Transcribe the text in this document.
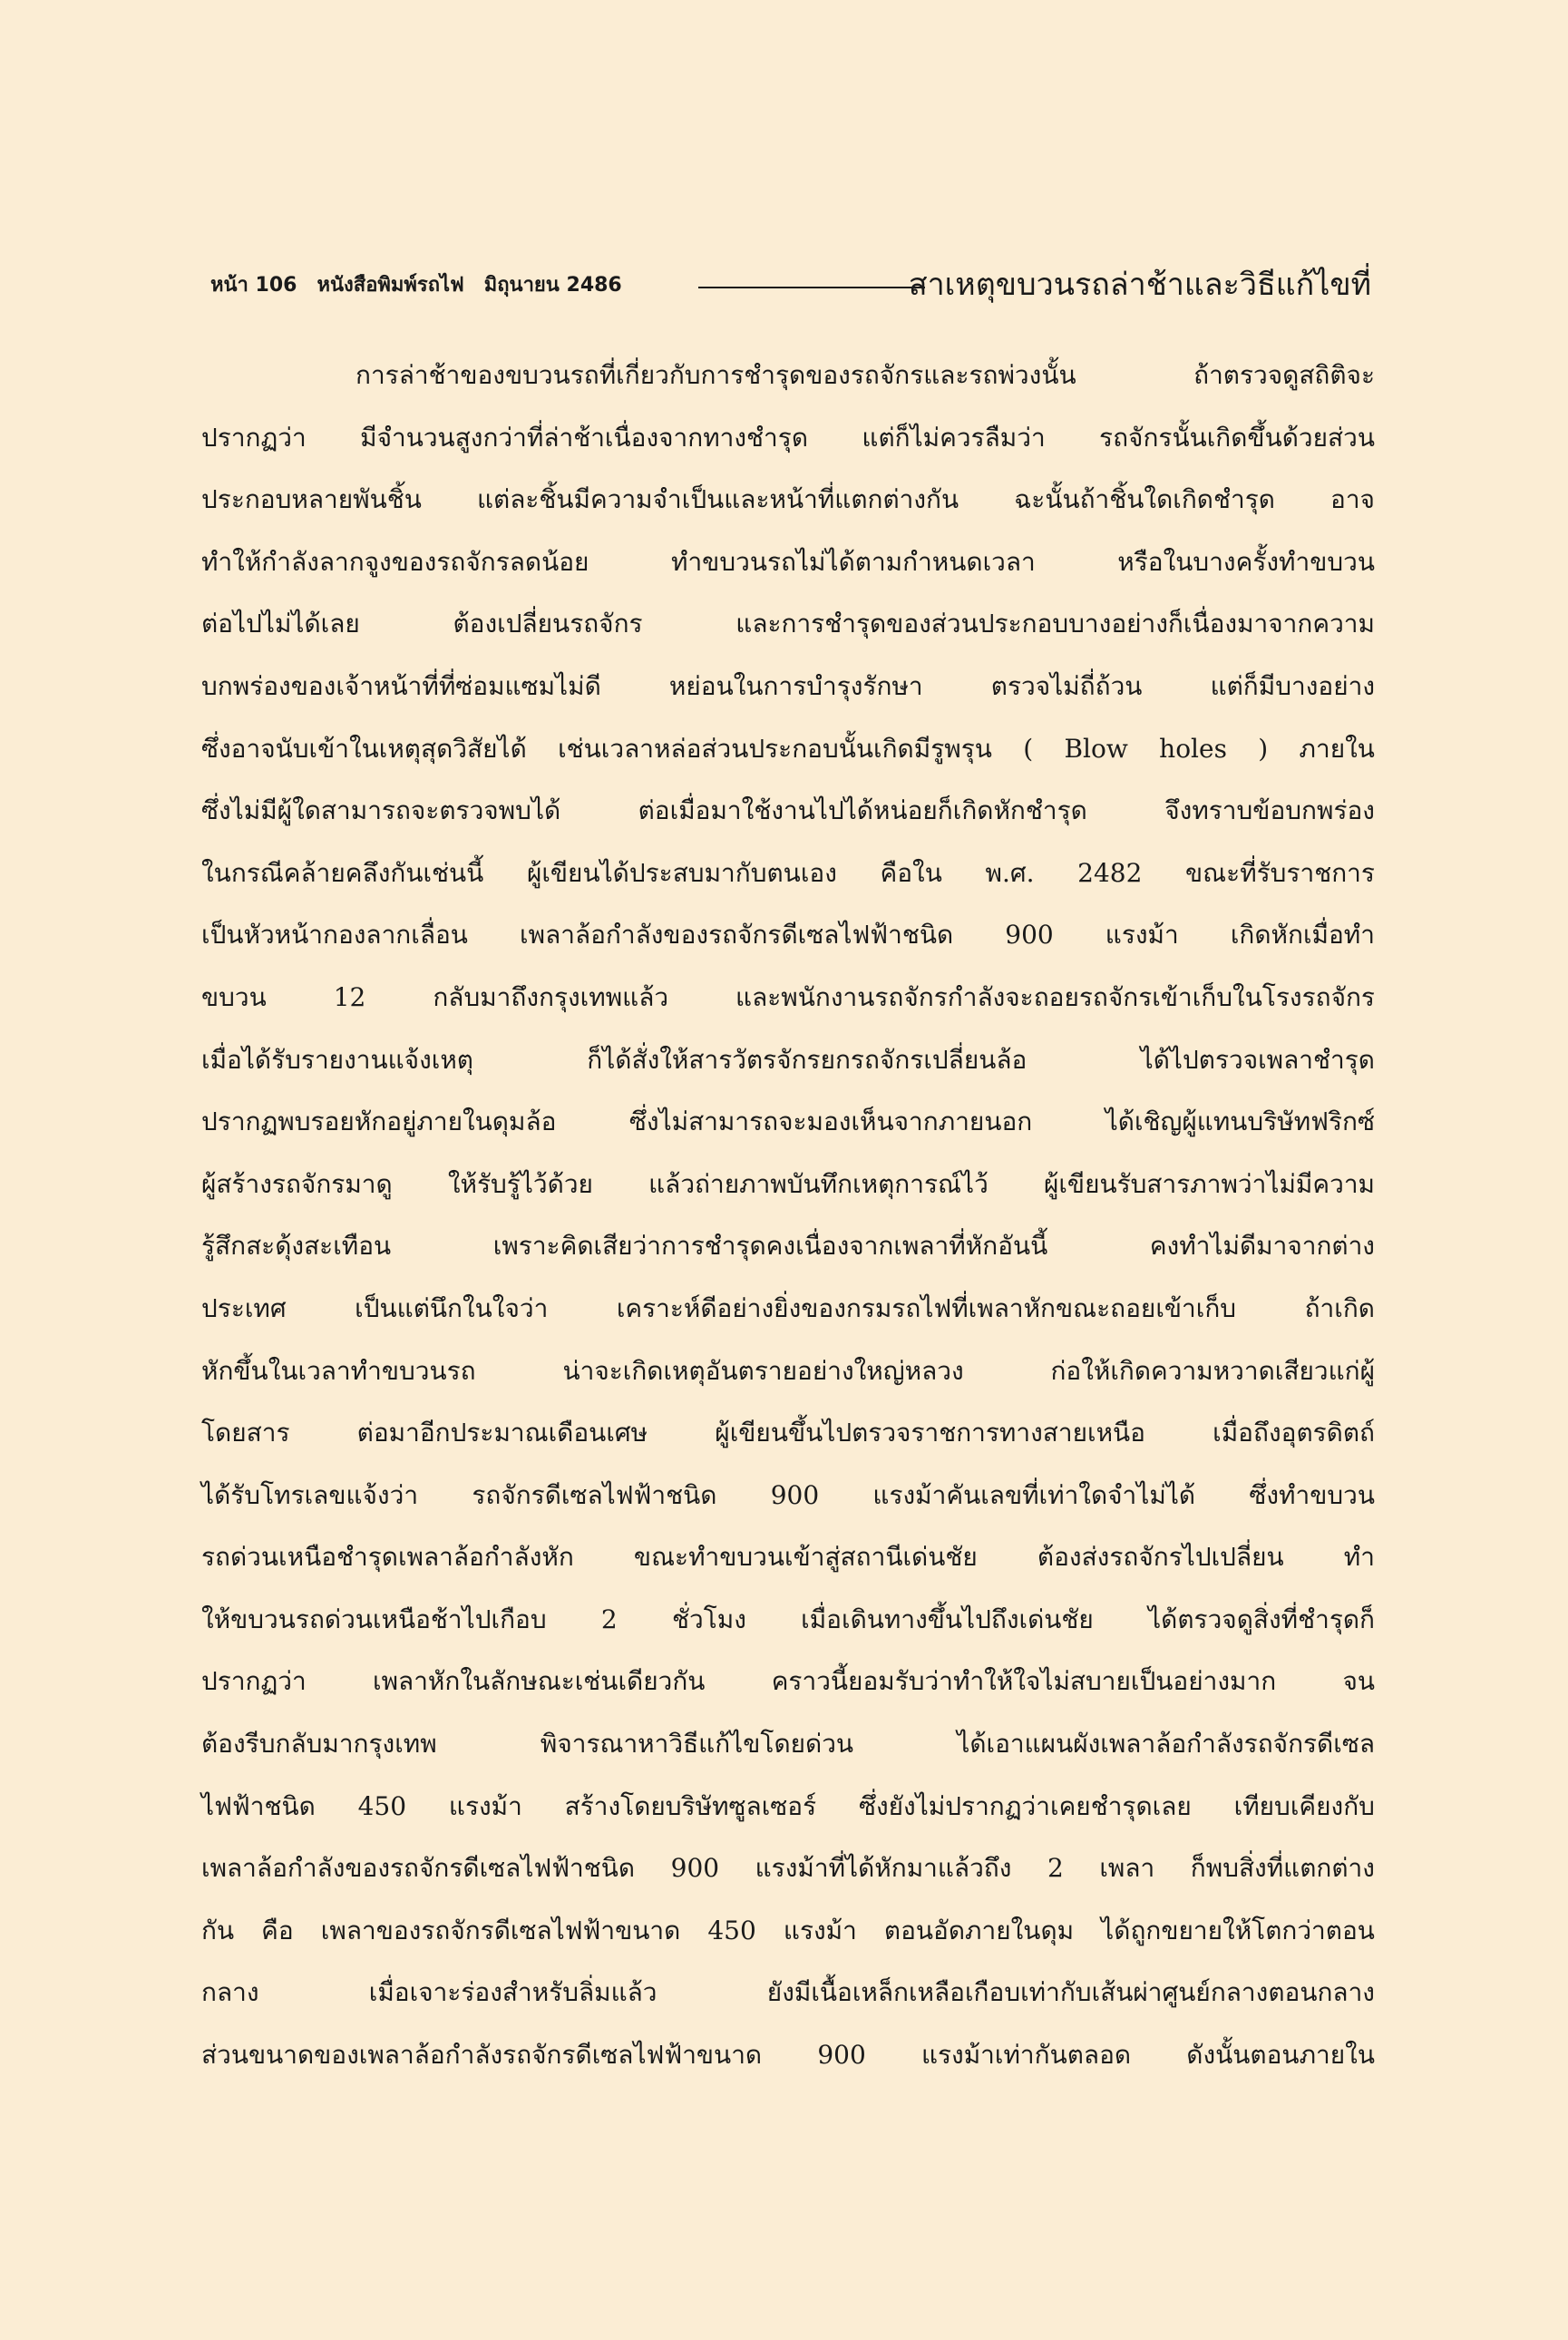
หน้า 106 หนังสือพิมพ์รถไฟ มิถุนายน 2486	สาเหตุขบวนรถล่าช้าและวิธีแก้ไขที่
การล่าช้าของขบวนรถที่เกี่ยวกับการชำรุดของรถจักรและรถพ่วงนั้น	ถ้าตรวจดูสถิติจะ
ปรากฏว่า มีจำนวนสูงกว่าที่ล่าช้าเนื่องจากทางชำรุด แต่ก็ไม่ควรลืมว่า รถจักรนั้นเกิดขึ้นด้วยส่วน
ประกอบหลายพันชิ้น แต่ละชิ้นมีความจำเป็นและหน้าที่แตกต่างกัน ฉะนั้นถ้าชิ้นใดเกิดชำรุด อาจ
ทำให้กำลังลากจูงของรถจักรลดน้อย	ทำขบวนรถไม่ได้ตามกำหนดเวลา	หรือในบางครั้งทำขบวน
ต่อไปไม่ได้เลย	ต้องเปลี่ยนรถจักร	และการชำรุดของส่วนประกอบบางอย่างก็เนื่องมาจากความ
บกพร่องของเจ้าหน้าที่ที่ซ่อมแซมไม่ดี	หย่อนในการบำรุงรักษา	ตรวจไม่ถี่ถ้วน	แต่ก็มีบางอย่าง
ซึ่งอาจนับเข้าในเหตุสุดวิสัยได้ เช่นเวลาหล่อส่วนประกอบนั้นเกิดมีรูพรุน ( Blow holes ) ภายใน
ซึ่งไม่มีผู้ใดสามารถจะตรวจพบได้	ต่อเมื่อมาใช้งานไปได้หน่อยก็เกิดหักชำรุด	จึงทราบข้อบกพร่อง
ในกรณีคล้ายคลึงกันเช่นนี้ ผู้เขียนได้ประสบมากับตนเอง คือใน พ.ศ. 2482 ขณะที่รับราชการ
เป็นหัวหน้ากองลากเลื่อน เพลาล้อกำลังของรถจักรดีเซลไฟฟ้าชนิด 900 แรงม้า เกิดหักเมื่อทำ
ขบวน	12	กลับมาถึงกรุงเทพแล้ว	และพนักงานรถจักรกำลังจะถอยรถจักรเข้าเก็บในโรงรถจักร
เมื่อได้รับรายงานแจ้งเหตุ	ก็ได้สั่งให้สารวัตรจักรยกรถจักรเปลี่ยนล้อ	ได้ไปตรวจเพลาชำรุด
ปรากฏพบรอยหักอยู่ภายในดุมล้อ	ซึ่งไม่สามารถจะมองเห็นจากภายนอก	ได้เชิญผู้แทนบริษัทฟริกซ์
ผู้สร้างรถจักรมาดู ให้รับรู้ไว้ด้วย แล้วถ่ายภาพบันทึกเหตุการณ์ไว้ ผู้เขียนรับสารภาพว่าไม่มีความ
รู้สึกสะดุ้งสะเทือน	เพราะคิดเสียว่าการชำรุดคงเนื่องจากเพลาที่หักอันนี้	คงทำไม่ดีมาจากต่าง
ประเทศ	เป็นแต่นึกในใจว่า	เคราะห์ดีอย่างยิ่งของกรมรถไฟที่เพลาหักขณะถอยเข้าเก็บ	ถ้าเกิด
หักขึ้นในเวลาทำขบวนรถ	น่าจะเกิดเหตุอันตรายอย่างใหญ่หลวง	ก่อให้เกิดความหวาดเสียวแก่ผู้
โดยสาร	ต่อมาอีกประมาณเดือนเศษ	ผู้เขียนขึ้นไปตรวจราชการทางสายเหนือ	เมื่อถึงอุตรดิตถ์
ได้รับโทรเลขแจ้งว่า รถจักรดีเซลไฟฟ้าชนิด 900 แรงม้าคันเลขที่เท่าใดจำไม่ได้ ซึ่งทำขบวน
รถด่วนเหนือชำรุดเพลาล้อกำลังหัก ขณะทำขบวนเข้าสู่สถานีเด่นชัย ต้องส่งรถจักรไปเปลี่ยน ทำ
ให้ขบวนรถด่วนเหนือช้าไปเกือบ 2 ชั่วโมง เมื่อเดินทางขึ้นไปถึงเด่นชัย ได้ตรวจดูสิ่งที่ชำรุดก็
ปรากฏว่า	เพลาหักในลักษณะเช่นเดียวกัน	คราวนี้ยอมรับว่าทำให้ใจไม่สบายเป็นอย่างมาก	จน
ต้องรีบกลับมากรุงเทพ	พิจารณาหาวิธีแก้ไขโดยด่วน	ได้เอาแผนผังเพลาล้อกำลังรถจักรดีเซล
ไฟฟ้าชนิด 450 แรงม้า สร้างโดยบริษัทซูลเซอร์ ซึ่งยังไม่ปรากฏว่าเคยชำรุดเลย เทียบเคียงกับ
เพลาล้อกำลังของรถจักรดีเซลไฟฟ้าชนิด 900 แรงม้าที่ได้หักมาแล้วถึง 2 เพลา ก็พบสิ่งที่แตกต่าง
กัน คือ เพลาของรถจักรดีเซลไฟฟ้าขนาด 450 แรงม้า ตอนอัดภายในดุม ได้ถูกขยายให้โตกว่าตอน
กลาง	เมื่อเจาะร่องสำหรับลิ่มแล้ว	ยังมีเนื้อเหล็กเหลือเกือบเท่ากับเส้นผ่าศูนย์กลางตอนกลาง
ส่วนขนาดของเพลาล้อกำลังรถจักรดีเซลไฟฟ้าขนาด 900 แรงม้าเท่ากันตลอด ดังนั้นตอนภายใน
